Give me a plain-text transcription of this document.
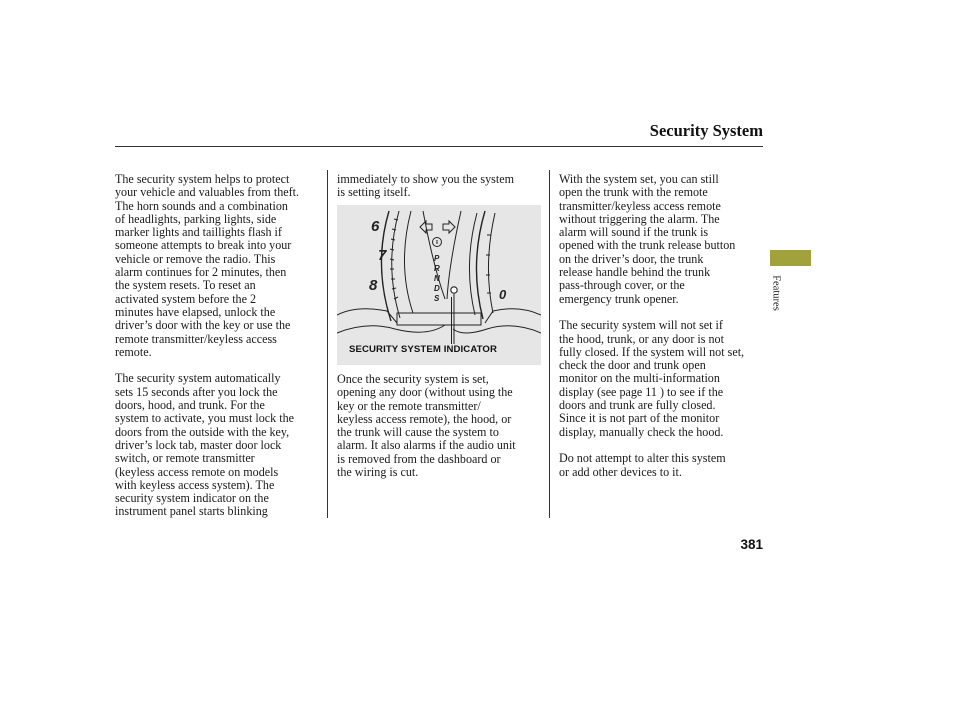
Security System

The security system helps to protect
your vehicle and valuables from theft.
The horn sounds and a combination
of headlights, parking lights, side
marker lights and taillights flash if
someone attempts to break into your
vehicle or remove the radio. This
alarm continues for 2 minutes, then
the system resets. To reset an
activated system before the 2
minutes have elapsed, unlock the
driver’s door with the key or use the
remote transmitter/keyless access
remote.

The security system automatically
sets 15 seconds after you lock the
doors, hood, and trunk. For the
system to activate, you must lock the
doors from the outside with the key,
driver’s lock tab, master door lock
switch, or remote transmitter
(keyless access remote on models
with keyless access system). The
security system indicator on the
instrument panel starts blinking

immediately to show you the system
is setting itself.

6
7
8
0
P
R
N
D
S
SECURITY SYSTEM INDICATOR

Once the security system is set,
opening any door (without using the
key or the remote transmitter/
keyless access remote), the hood, or
the trunk will cause the system to
alarm. It also alarms if the audio unit
is removed from the dashboard or
the wiring is cut.

With the system set, you can still
open the trunk with the remote
transmitter/keyless access remote
without triggering the alarm. The
alarm will sound if the trunk is
opened with the trunk release button
on the driver’s door, the trunk
release handle behind the trunk
pass-through cover, or the
emergency trunk opener.

The security system will not set if
the hood, trunk, or any door is not
fully closed. If the system will not set,
check the door and trunk open
monitor on the multi-information
display (see page 11 ) to see if the
doors and trunk are fully closed.
Since it is not part of the monitor
display, manually check the hood.

Do not attempt to alter this system
or add other devices to it.

Features
381
